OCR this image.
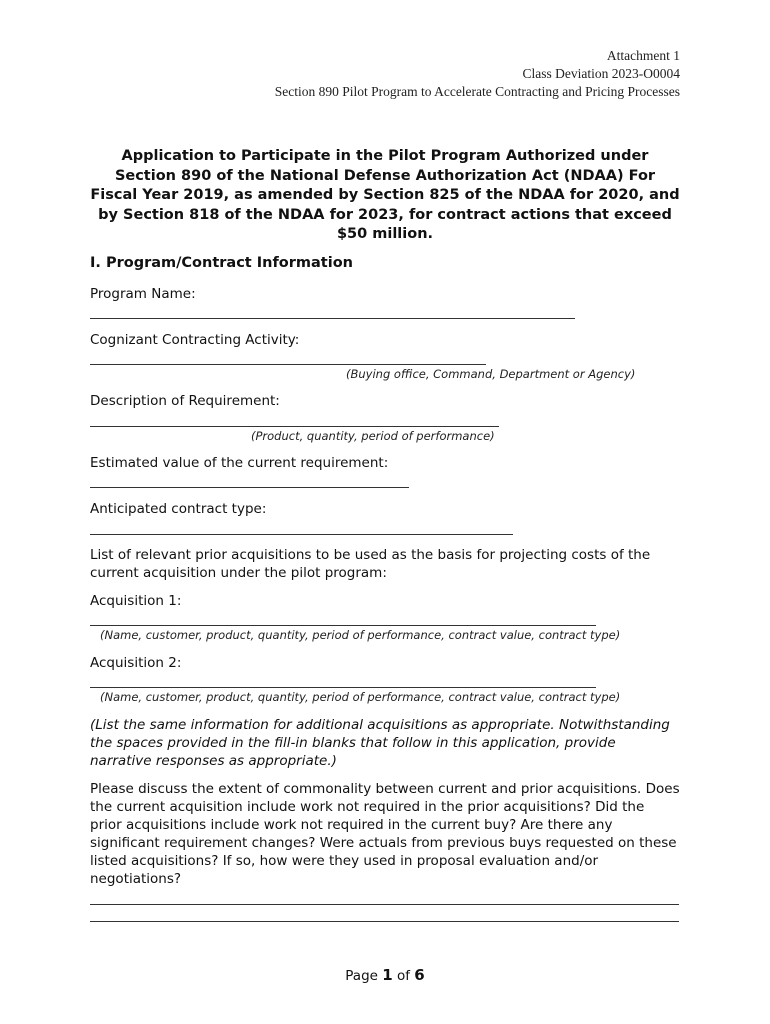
Attachment 1
Class Deviation 2023-O0004
Section 890 Pilot Program to Accelerate Contracting and Pricing Processes
Application to Participate in the Pilot Program Authorized under Section 890 of the National Defense Authorization Act (NDAA) For Fiscal Year 2019, as amended by Section 825 of the NDAA for 2020, and by Section 818 of the NDAA for 2023, for contract actions that exceed $50 million.
I. Program/Contract Information
Program Name:
Cognizant Contracting Activity:
(Buying office, Command, Department or Agency)
Description of Requirement:
(Product, quantity, period of performance)
Estimated value of the current requirement:
Anticipated contract type:
List of relevant prior acquisitions to be used as the basis for projecting costs of the current acquisition under the pilot program:
Acquisition 1:
(Name, customer, product, quantity, period of performance, contract value, contract type)
Acquisition 2:
(Name, customer, product, quantity, period of performance, contract value, contract type)
(List the same information for additional acquisitions as appropriate. Notwithstanding the spaces provided in the fill-in blanks that follow in this application, provide narrative responses as appropriate.)
Please discuss the extent of commonality between current and prior acquisitions. Does the current acquisition include work not required in the prior acquisitions? Did the prior acquisitions include work not required in the current buy? Are there any significant requirement changes? Were actuals from previous buys requested on these listed acquisitions? If so, how were they used in proposal evaluation and/or negotiations?
Page 1 of 6
